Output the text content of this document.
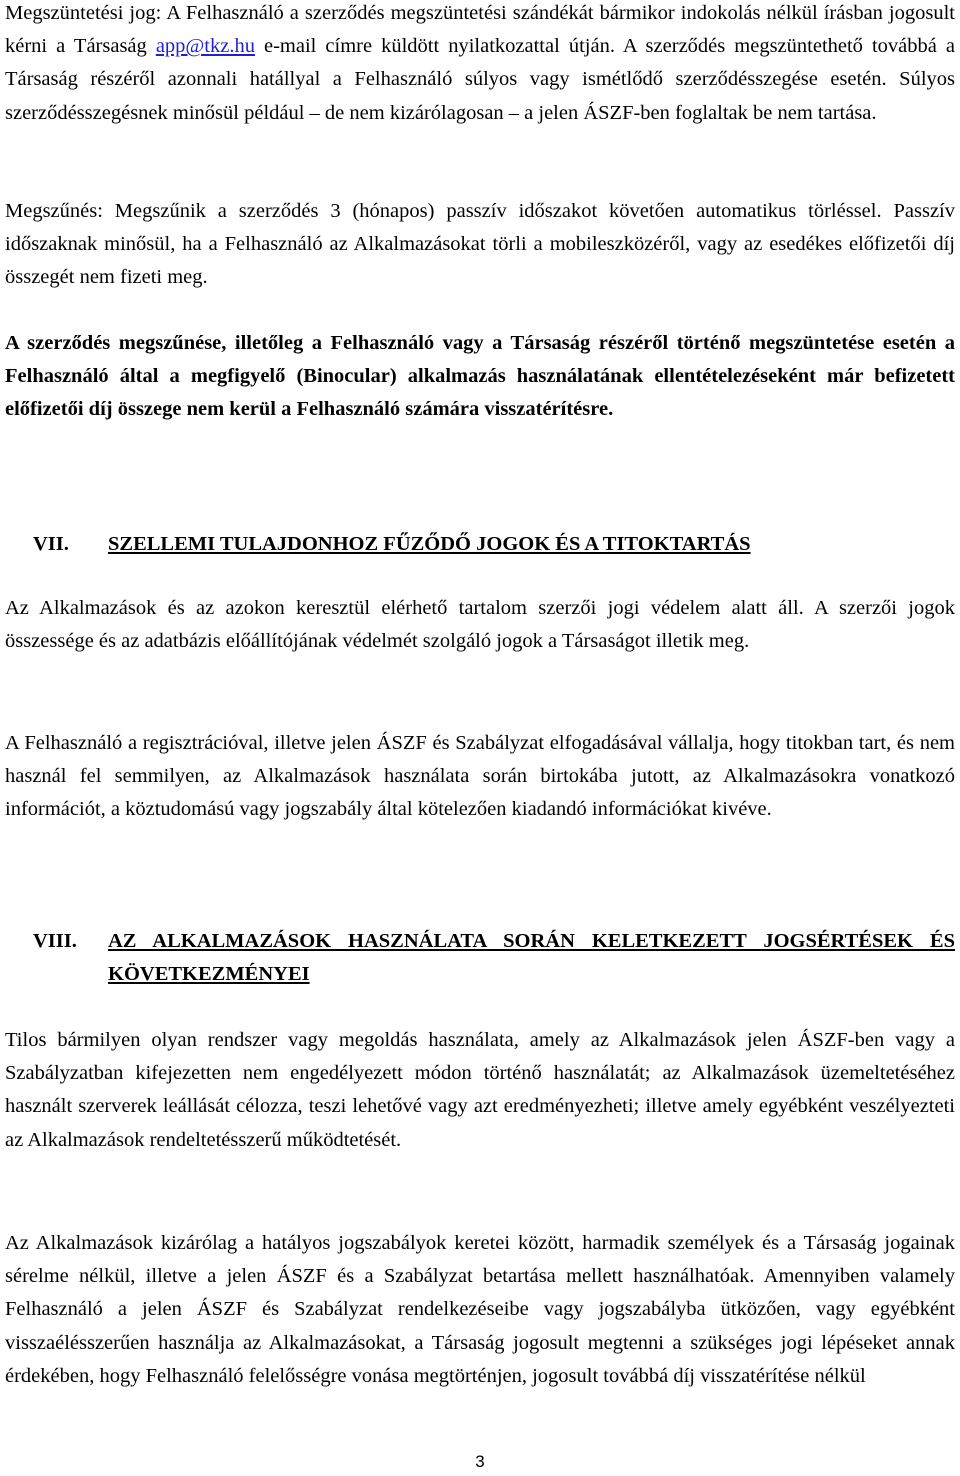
Megszüntetési jog: A Felhasználó a szerződés megszüntetési szándékát bármikor indokolás nélkül írásban jogosult kérni a Társaság app@tkz.hu e-mail címre küldött nyilatkozattal útján. A szerződés megszüntethető továbbá a Társaság részéről azonnali hatállyal a Felhasználó súlyos vagy ismétlődő szerződésszegése esetén. Súlyos szerződésszegésnek minősül például – de nem kizárólagosan – a jelen ÁSZF-ben foglaltak be nem tartása.

Megszűnés: Megszűnik a szerződés 3 (hónapos) passzív időszakot követően automatikus törléssel. Passzív időszaknak minősül, ha a Felhasználó az Alkalmazásokat törli a mobileszközéről, vagy az esedékes előfizetői díj összegét nem fizeti meg.

A szerződés megszűnése, illetőleg a Felhasználó vagy a Társaság részéről történő megszüntetése esetén a Felhasználó által a megfigyelő (Binocular) alkalmazás használatának ellentételezéseként már befizetett előfizetői díj összege nem kerül a Felhasználó számára visszatérítésre.

VII. SZELLEMI TULAJDONHOZ FŰZŐDŐ JOGOK ÉS A TITOKTARTÁS

Az Alkalmazások és az azokon keresztül elérhető tartalom szerzői jogi védelem alatt áll. A szerzői jogok összessége és az adatbázis előállítójának védelmét szolgáló jogok a Társaságot illetik meg.

A Felhasználó a regisztrációval, illetve jelen ÁSZF és Szabályzat elfogadásával vállalja, hogy titokban tart, és nem használ fel semmilyen, az Alkalmazások használata során birtokába jutott, az Alkalmazásokra vonatkozó információt, a köztudomású vagy jogszabály által kötelezően kiadandó információkat kivéve.

VIII. AZ ALKALMAZÁSOK HASZNÁLATA SORÁN KELETKEZETT JOGSÉRTÉSEK ÉS KÖVETKEZMÉNYEI

Tilos bármilyen olyan rendszer vagy megoldás használata, amely az Alkalmazások jelen ÁSZF-ben vagy a Szabályzatban kifejezetten nem engedélyezett módon történő használatát; az Alkalmazások üzemeltetéséhez használt szerverek leállását célozza, teszi lehetővé vagy azt eredményezheti; illetve amely egyébként veszélyezteti az Alkalmazások rendeltetésszerű működtetését.

Az Alkalmazások kizárólag a hatályos jogszabályok keretei között, harmadik személyek és a Társaság jogainak sérelme nélkül, illetve a jelen ÁSZF és a Szabályzat betartása mellett használhatóak. Amennyiben valamely Felhasználó a jelen ÁSZF és Szabályzat rendelkezéseibe vagy jogszabályba ütközően, vagy egyébként visszaélésszerűen használja az Alkalmazásokat, a Társaság jogosult megtenni a szükséges jogi lépéseket annak érdekében, hogy Felhasználó felelősségre vonása megtörténjen, jogosult továbbá díj visszatérítése nélkül

3
